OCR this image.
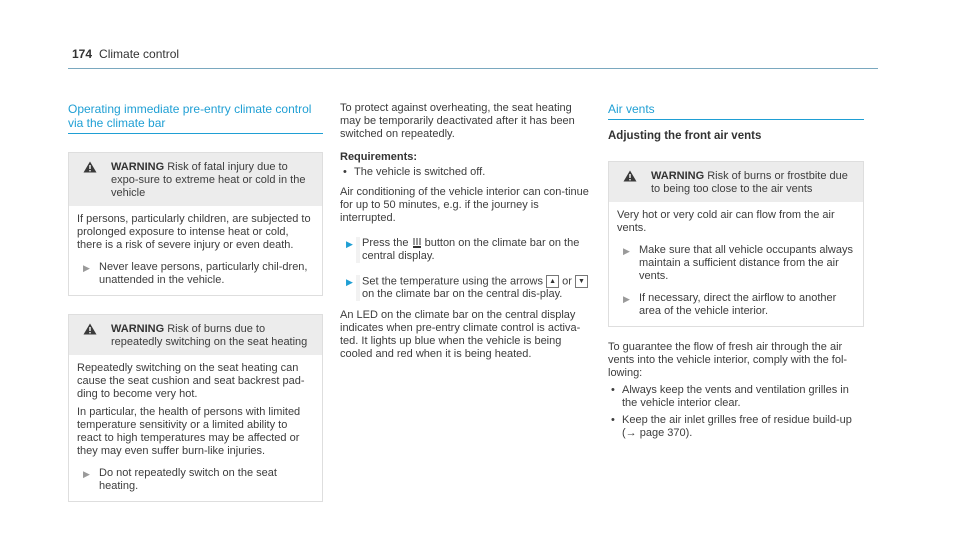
174 Climate control
Operating immediate pre-entry climate control via the climate bar

WARNING Risk of fatal injury due to expo-sure to extreme heat or cold in the vehicle

If persons, particularly children, are subjected to prolonged exposure to intense heat or cold, there is a risk of severe injury or even death.

▶ Never leave persons, particularly chil-dren, unattended in the vehicle.

WARNING Risk of burns due to repeatedly switching on the seat heating

Repeatedly switching on the seat heating can cause the seat cushion and seat backrest pad-ding to become very hot.

In particular, the health of persons with limited temperature sensitivity or a limited ability to react to high temperatures may be affected or they may even suffer burn-like injuries.

▶ Do not repeatedly switch on the seat heating.

To protect against overheating, the seat heating may be temporarily deactivated after it has been switched on repeatedly.

Requirements:
• The vehicle is switched off.

Air conditioning of the vehicle interior can con-tinue for up to 50 minutes, e.g. if the journey is interrupted.

▶ Press the button on the climate bar on the central display.
▶ Set the temperature using the arrows ▲ or ▼ on the climate bar on the central dis-play.

An LED on the climate bar on the central display indicates when pre-entry climate control is activa-ted. It lights up blue when the vehicle is being cooled and red when it is being heated.

Air vents
Adjusting the front air vents

WARNING Risk of burns or frostbite due to being too close to the air vents

Very hot or very cold air can flow from the air vents.

▶ Make sure that all vehicle occupants always maintain a sufficient distance from the air vents.
▶ If necessary, direct the airflow to another area of the vehicle interior.

To guarantee the flow of fresh air through the air vents into the vehicle interior, comply with the fol-lowing:

• Always keep the vents and ventilation grilles in the vehicle interior clear.
• Keep the air inlet grilles free of residue build-up (→ page 370).
